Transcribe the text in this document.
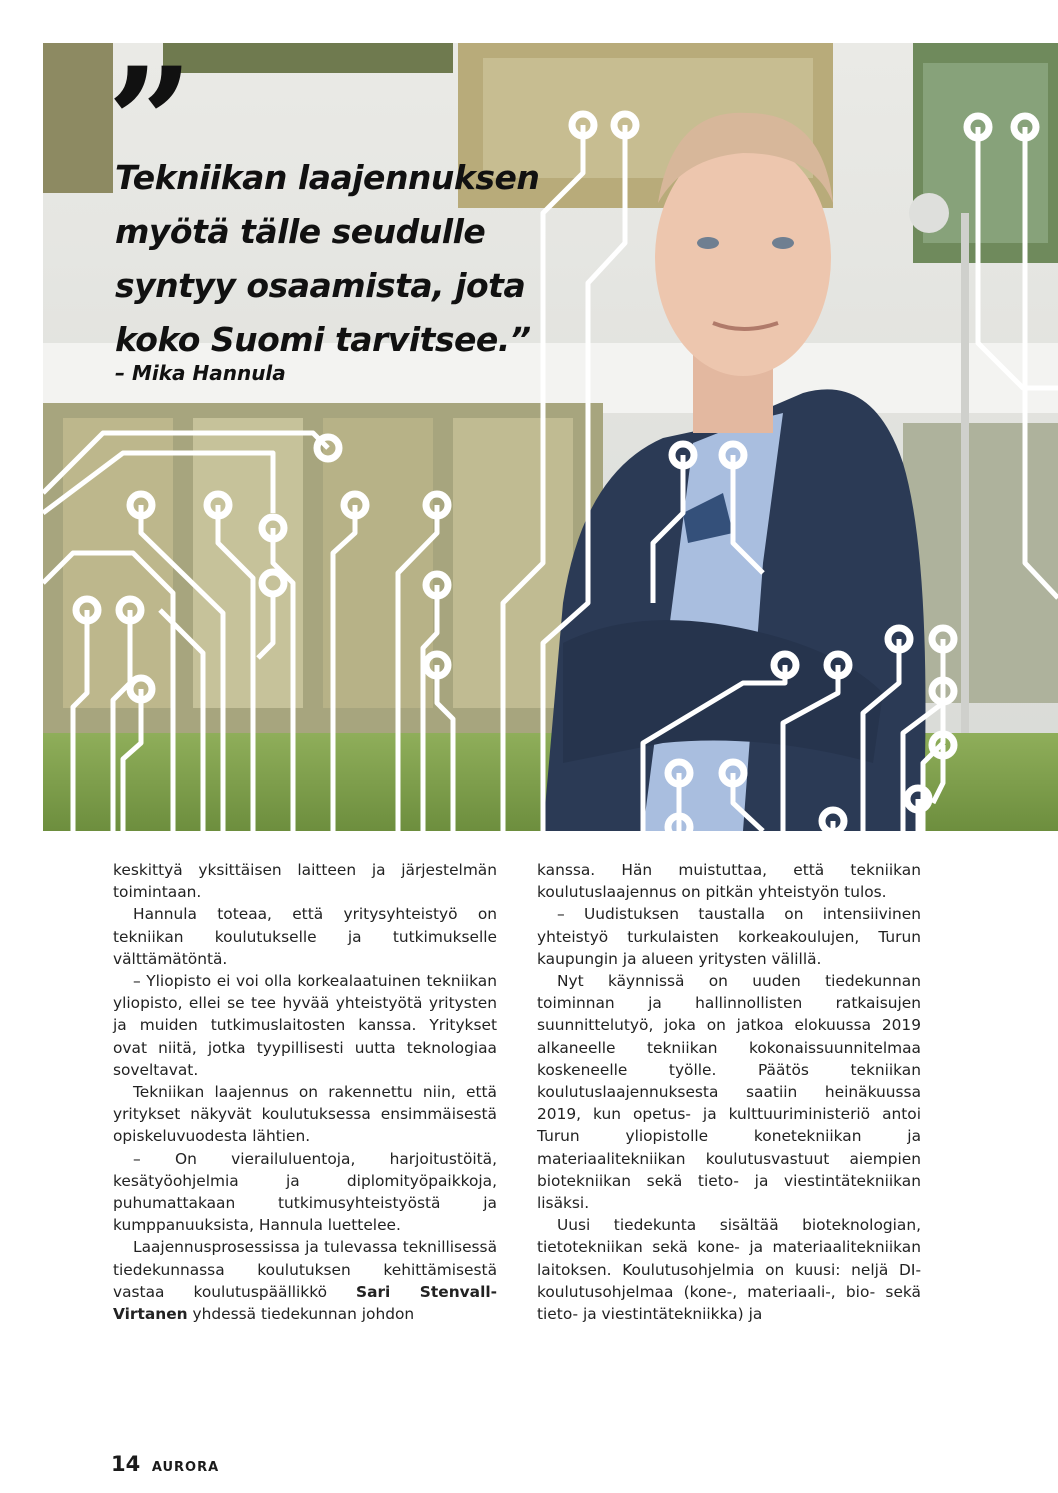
”

Tekniikan laajennuksen
myötä tälle seudulle
syntyy osaamista, jota
koko Suomi tarvitsee.”

– Mika Hannula

keskittyä yksittäisen laitteen ja järjestelmän toimintaan.

Hannula toteaa, että yritysyhteistyö on tekniikan koulutukselle ja tutkimukselle välttämätöntä.

– Yliopisto ei voi olla korkealaatuinen tekniikan yliopisto, ellei se tee hyvää yhteistyötä yritysten ja muiden tutkimuslaitosten kanssa. Yritykset ovat niitä, jotka tyypillisesti uutta teknologiaa soveltavat.

Tekniikan laajennus on rakennettu niin, että yritykset näkyvät koulutuksessa ensimmäisestä opiskeluvuodesta lähtien.

– On vierailuluentoja, harjoitustöitä, kesätyöohjelmia ja diplomityöpaikkoja, puhumattakaan tutkimusyhteistyöstä ja kumppanuuksista, Hannula luettelee.

Laajennusprosessissa ja tulevassa teknillisessä tiedekunnassa koulutuksen kehittämisestä vastaa koulutuspäällikkö Sari Stenvall-Virtanen yhdessä tiedekunnan johdon

kanssa. Hän muistuttaa, että tekniikan koulutuslaajennus on pitkän yhteistyön tulos.

– Uudistuksen taustalla on intensiivinen yhteistyö turkulaisten korkeakoulujen, Turun kaupungin ja alueen yritysten välillä.

Nyt käynnissä on uuden tiedekunnan toiminnan ja hallinnollisten ratkaisujen suunnittelutyö, joka on jatkoa elokuussa 2019 alkaneelle tekniikan kokonaissuunnitelmaa koskeneelle työlle. Päätös tekniikan koulutuslaajennuksesta saatiin heinäkuussa 2019, kun opetus- ja kulttuuriministeriö antoi Turun yliopistolle konetekniikan ja materiaalitekniikan koulutusvastuut aiempien biotekniikan sekä tieto- ja viestintätekniikan lisäksi.

Uusi tiedekunta sisältää bioteknologian, tietotekniikan sekä kone- ja materiaalitekniikan laitoksen. Koulutusohjelmia on kuusi: neljä DI-koulutusohjelmaa (kone-, materiaali-, bio- sekä tieto- ja viestintätekniikka) ja

14 AURORA
